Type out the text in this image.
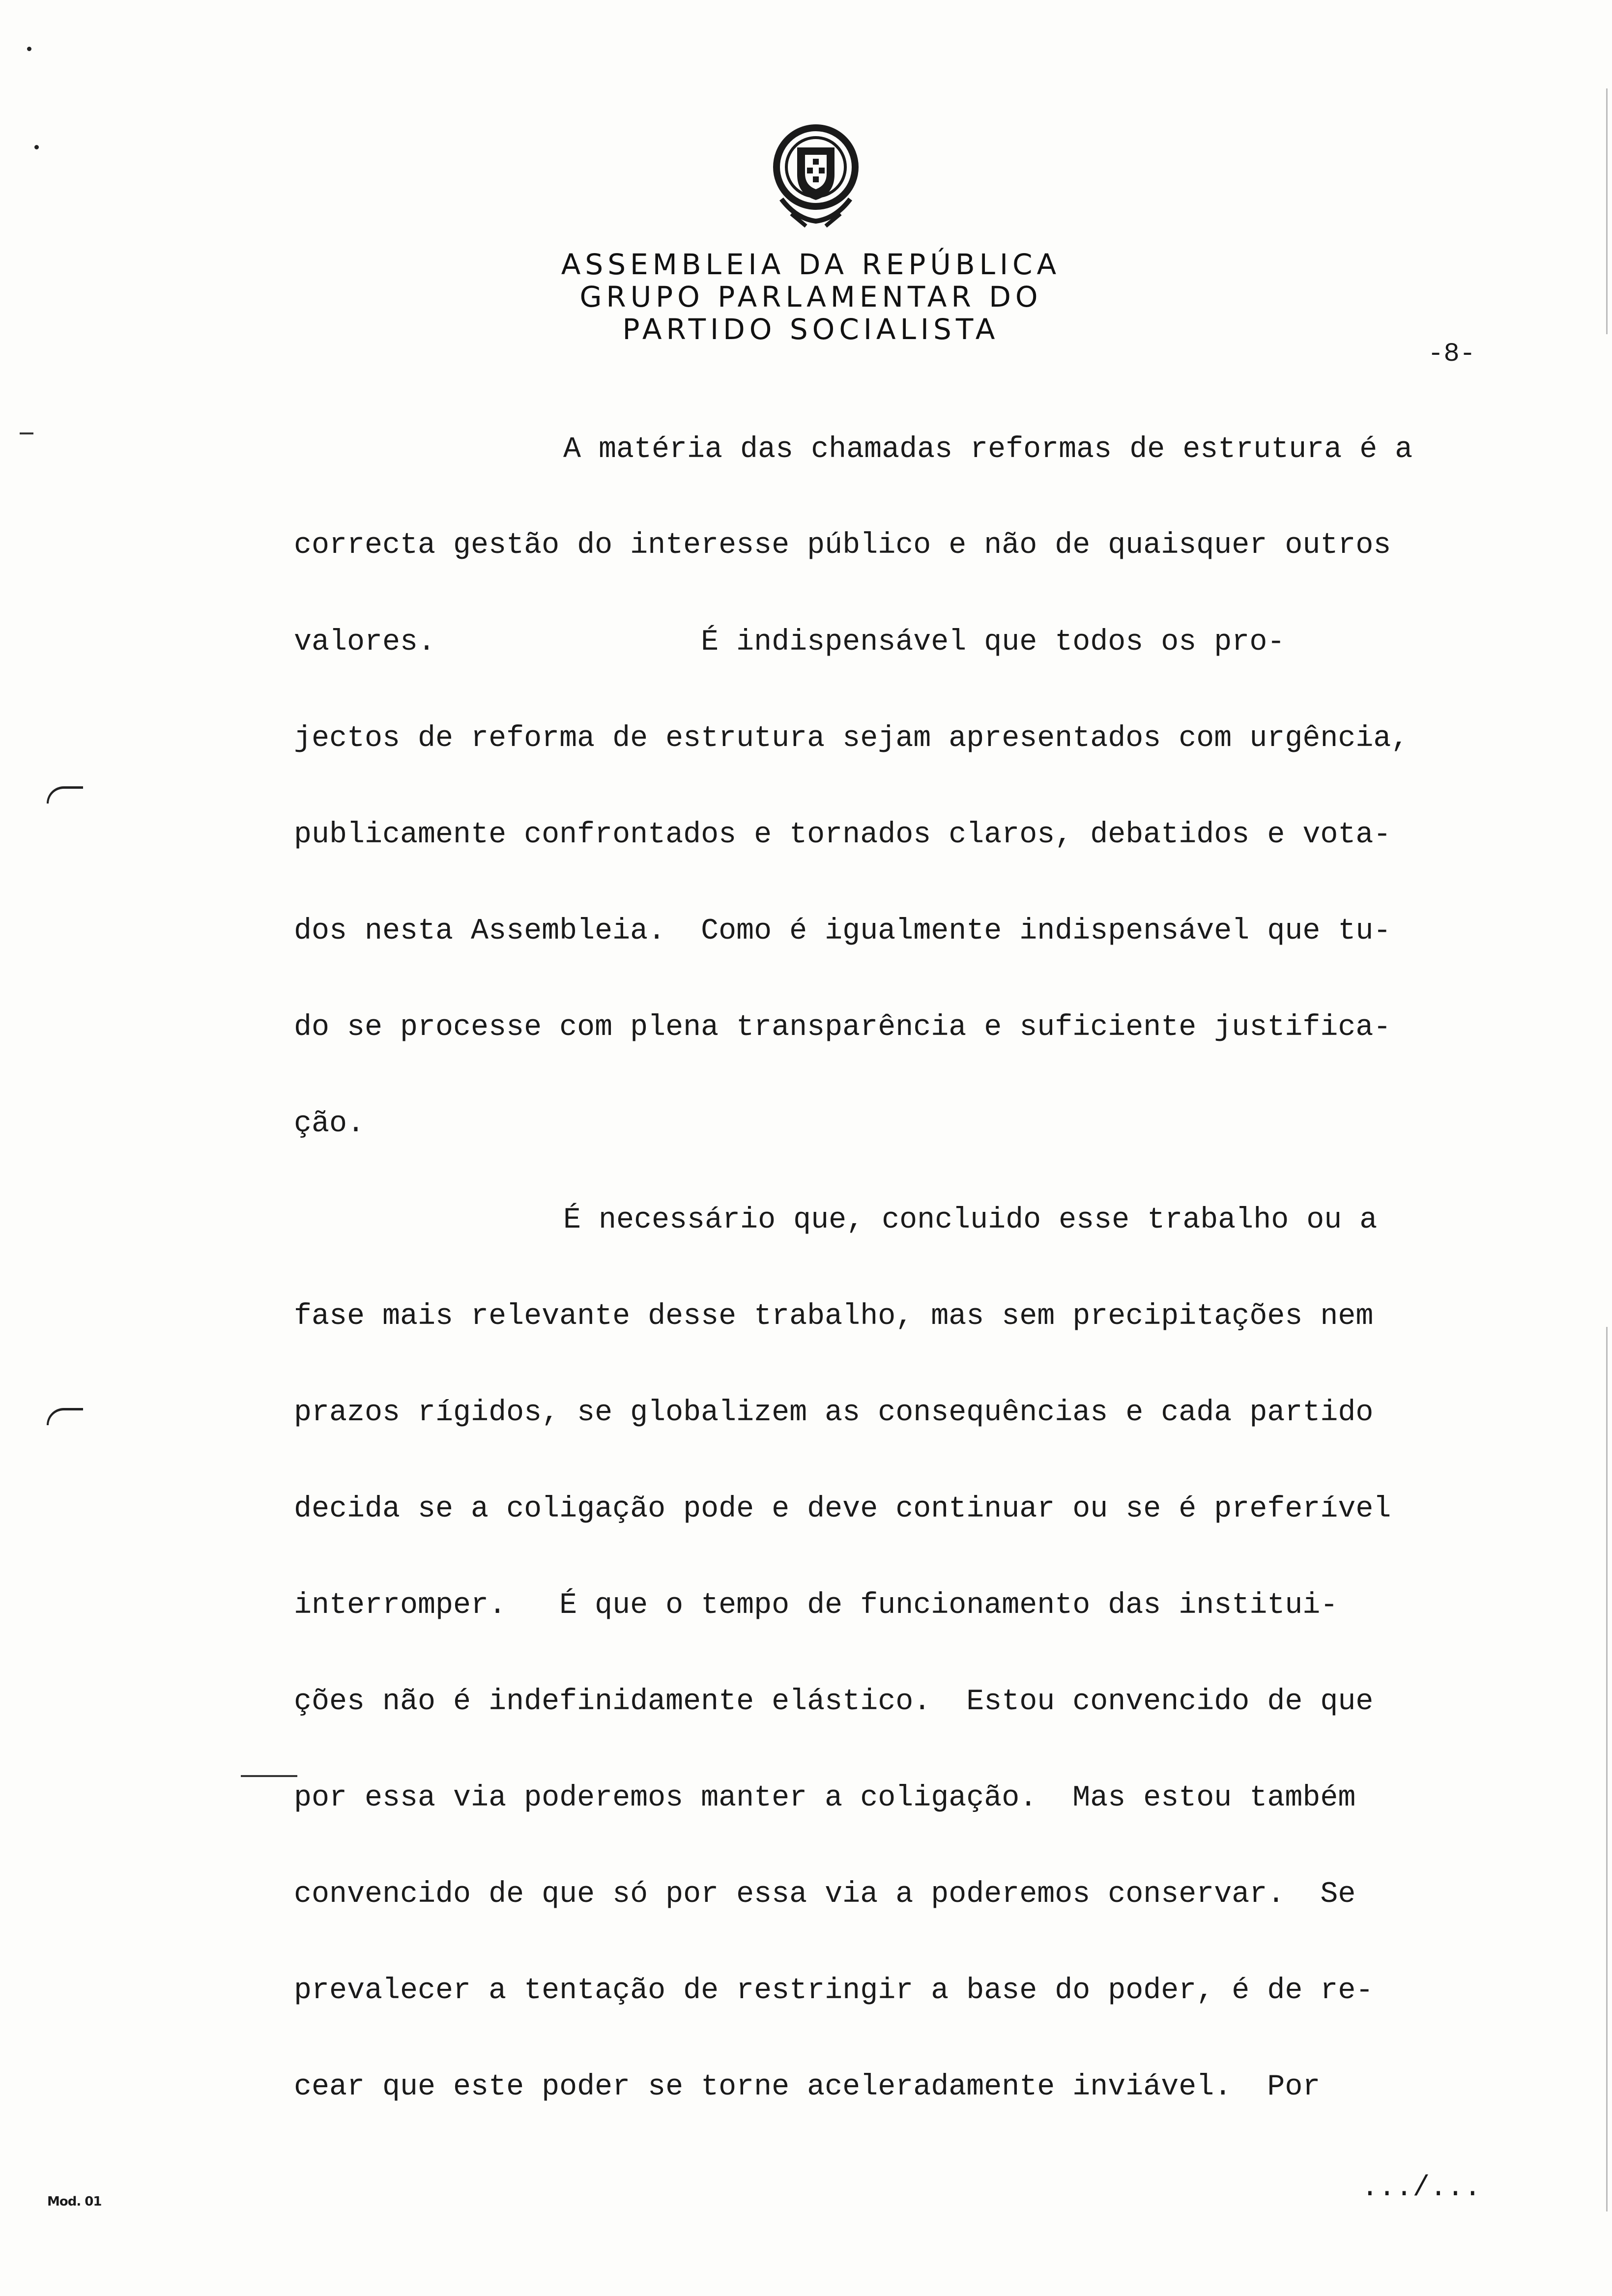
ASSEMBLEIA DA REPÚBLICA
GRUPO PARLAMENTAR DO
PARTIDO SOCIALISTA
-8-
A matéria das chamadas reformas de estrutura é a
correcta gestão do interesse público e não de quaisquer outros
valores.               É indispensável que todos os pro-
jectos de reforma de estrutura sejam apresentados com urgência,
publicamente confrontados e tornados claros, debatidos e vota-
dos nesta Assembleia.  Como é igualmente indispensável que tu-
do se processe com plena transparência e suficiente justifica-
ção.
É necessário que, concluido esse trabalho ou a
fase mais relevante desse trabalho, mas sem precipitações nem
prazos rígidos, se globalizem as consequências e cada partido
decida se a coligação pode e deve continuar ou se é preferível
interromper.   É que o tempo de funcionamento das institui-
ções não é indefinidamente elástico.  Estou convencido de que
por essa via poderemos manter a coligação.  Mas estou também
convencido de que só por essa via a poderemos conservar.  Se
prevalecer a tentação de restringir a base do poder, é de re-
cear que este poder se torne aceleradamente inviável.  Por
.../...
Mod. 01
